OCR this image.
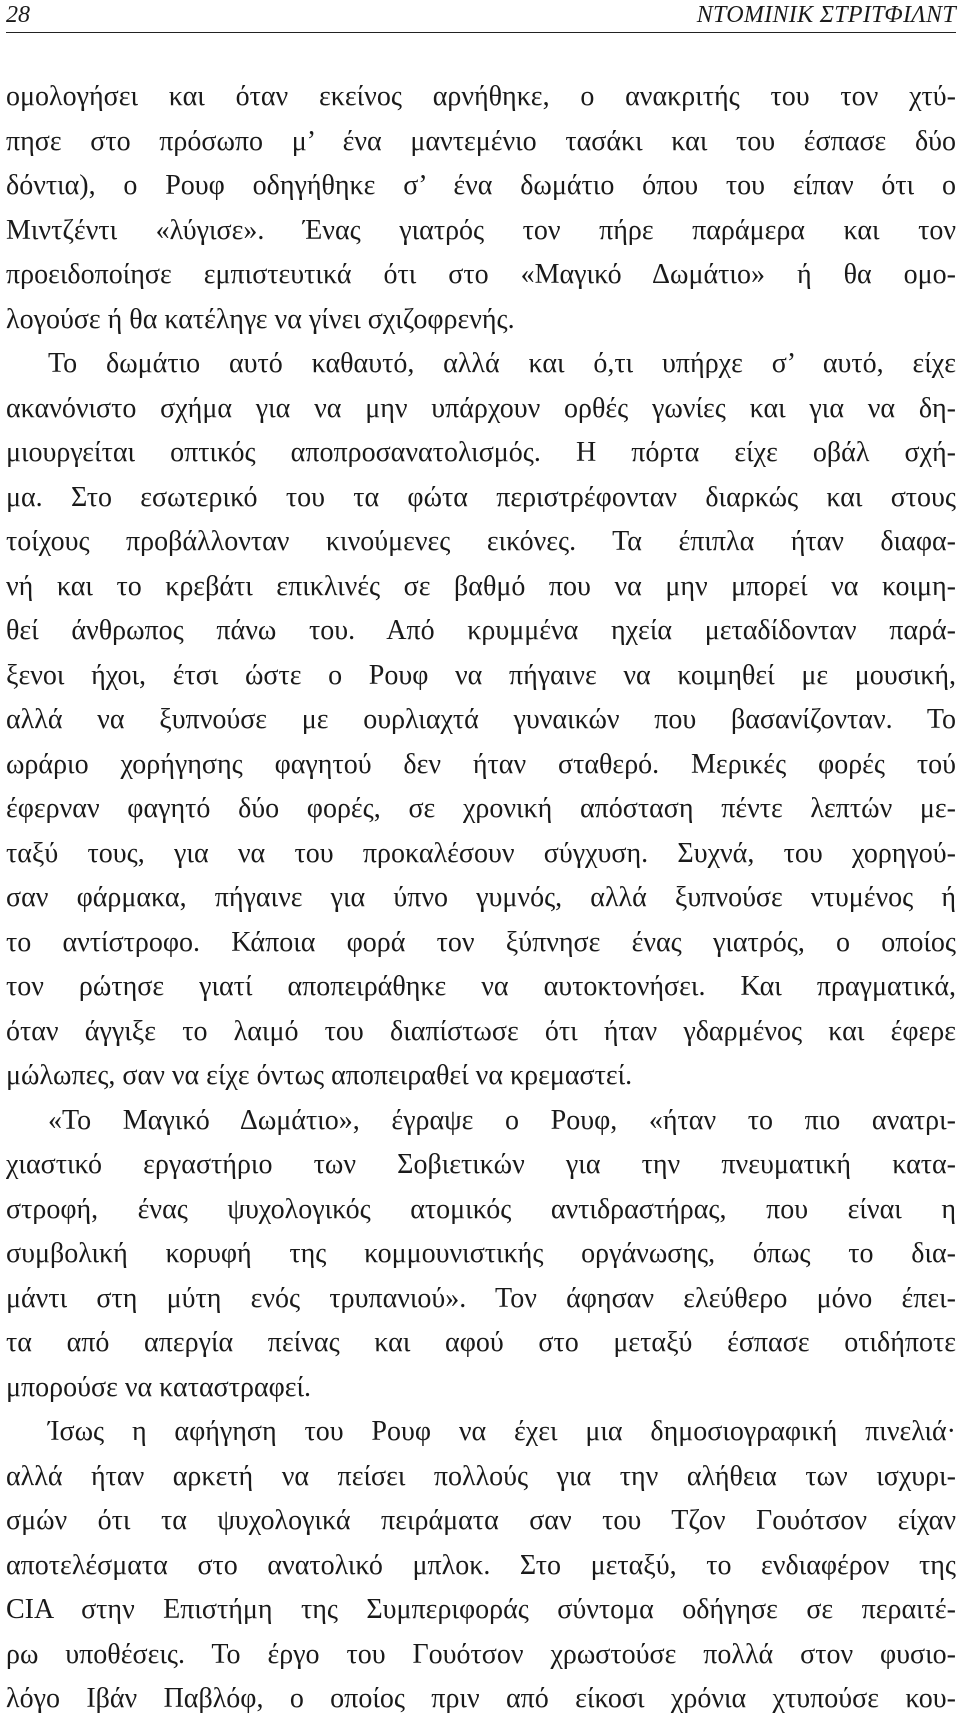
28	ΝΤΟΜΙΝΙΚ ΣΤΡΙΤΦΙΛΝΤ
ομολογήσει και όταν εκείνος αρνήθηκε, ο ανακριτής του τον χτύ-
πησε στο πρόσωπο μ’ ένα μαντεμένιο τασάκι και του έσπασε δύο
δόντια), ο Ρουφ οδηγήθηκε σ’ ένα δωμάτιο όπου του είπαν ότι ο
Μιντζέντι «λύγισε». Ένας γιατρός τον πήρε παράμερα και τον
προειδοποίησε εμπιστευτικά ότι στο «Μαγικό Δωμάτιο» ή θα ομο-
λογούσε ή θα κατέληγε να γίνει σχιζοφρενής.
Το δωμάτιο αυτό καθαυτό, αλλά και ό,τι υπήρχε σ’ αυτό, είχε
ακανόνιστο σχήμα για να μην υπάρχουν ορθές γωνίες και για να δη-
μιουργείται οπτικός αποπροσανατολισμός. Η πόρτα είχε οβάλ σχή-
μα. Στο εσωτερικό του τα φώτα περιστρέφονταν διαρκώς και στους
τοίχους προβάλλονταν κινούμενες εικόνες. Τα έπιπλα ήταν διαφα-
νή και το κρεβάτι επικλινές σε βαθμό που να μην μπορεί να κοιμη-
θεί άνθρωπος πάνω του. Από κρυμμένα ηχεία μεταδίδονταν παρά-
ξενοι ήχοι, έτσι ώστε ο Ρουφ να πήγαινε να κοιμηθεί με μουσική,
αλλά να ξυπνούσε με ουρλιαχτά γυναικών που βασανίζονταν. Το
ωράριο χορήγησης φαγητού δεν ήταν σταθερό. Μερικές φορές τού
έφερναν φαγητό δύο φορές, σε χρονική απόσταση πέντε λεπτών με-
ταξύ τους, για να του προκαλέσουν σύγχυση. Συχνά, του χορηγού-
σαν φάρμακα, πήγαινε για ύπνο γυμνός, αλλά ξυπνούσε ντυμένος ή
το αντίστροφο. Κάποια φορά τον ξύπνησε ένας γιατρός, ο οποίος
τον ρώτησε γιατί αποπειράθηκε να αυτοκτονήσει. Και πραγματικά,
όταν άγγιξε το λαιμό του διαπίστωσε ότι ήταν γδαρμένος και έφερε
μώλωπες, σαν να είχε όντως αποπειραθεί να κρεμαστεί.
«Το Μαγικό Δωμάτιο», έγραψε ο Ρουφ, «ήταν το πιο ανατρι-
χιαστικό εργαστήριο των Σοβιετικών για την πνευματική κατα-
στροφή, ένας ψυχολογικός ατομικός αντιδραστήρας, που είναι η
συμβολική κορυφή της κομμουνιστικής οργάνωσης, όπως το δια-
μάντι στη μύτη ενός τρυπανιού». Τον άφησαν ελεύθερο μόνο έπει-
τα από απεργία πείνας και αφού στο μεταξύ έσπασε οτιδήποτε
μπορούσε να καταστραφεί.
Ίσως η αφήγηση του Ρουφ να έχει μια δημοσιογραφική πινελιά·
αλλά ήταν αρκετή να πείσει πολλούς για την αλήθεια των ισχυρι-
σμών ότι τα ψυχολογικά πειράματα σαν του Τζον Γουότσον είχαν
αποτελέσματα στο ανατολικό μπλοκ. Στο μεταξύ, το ενδιαφέρον της
CIA στην Επιστήμη της Συμπεριφοράς σύντομα οδήγησε σε περαιτέ-
ρω υποθέσεις. Το έργο του Γουότσον χρωστούσε πολλά στον φυσιο-
λόγο Ιβάν Παβλόφ, ο οποίος πριν από είκοσι χρόνια χτυπούσε κου-
